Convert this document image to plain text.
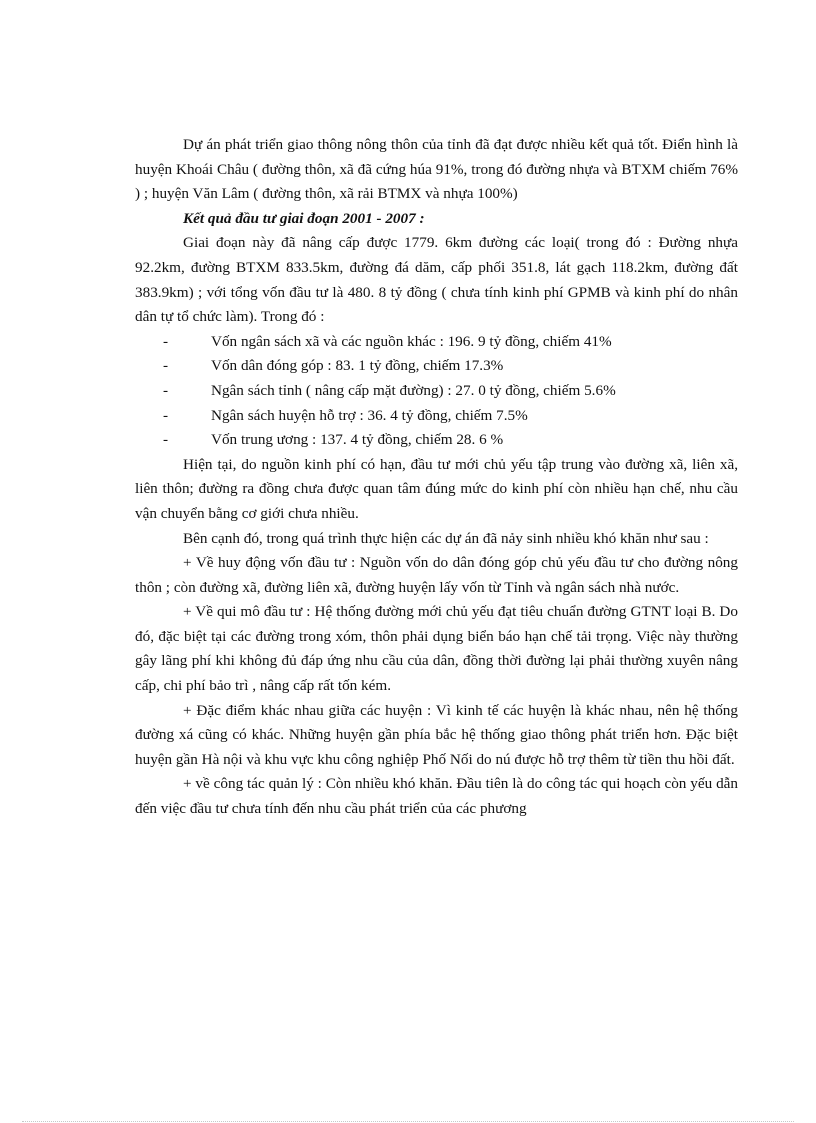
Dự án phát triển giao thông nông thôn của tỉnh đã đạt được nhiều kết quả tốt. Điển hình là huyện Khoái Châu ( đường thôn, xã đã cứng húa 91%, trong đó đường nhựa và BTXM chiếm 76% ) ; huyện Văn Lâm ( đường thôn, xã rải BTMX và nhựa 100%)

Kết quả đầu tư giai đoạn 2001 - 2007 :

Giai đoạn này đã nâng cấp được 1779. 6km đường các loại( trong đó : Đường nhựa 92.2km, đường BTXM 833.5km, đường đá dăm, cấp phối 351.8, lát gạch 118.2km, đường đất 383.9km) ; với tổng vốn đầu tư là 480. 8 tỷ đồng ( chưa tính kinh phí GPMB và kinh phí do nhân dân tự tổ chức làm). Trong đó :

-	Vốn ngân sách xã và các nguồn khác : 196. 9 tỷ đồng, chiếm 41%
-	Vốn dân đóng góp : 83. 1 tỷ đồng, chiếm 17.3%
-	Ngân sách tỉnh ( nâng cấp mặt đường) : 27. 0 tỷ đồng, chiếm 5.6%
-	Ngân sách huyện hỗ trợ : 36. 4 tỷ đồng, chiếm 7.5%
-	Vốn trung ương : 137. 4 tỷ đồng, chiếm 28. 6 %

Hiện tại, do nguồn kinh phí có hạn, đầu tư mới chủ yếu tập trung vào đường xã, liên xã, liên thôn; đường ra đồng chưa được quan tâm đúng mức do kinh phí còn nhiều hạn chế, nhu cầu vận chuyển bằng cơ giới chưa nhiều.

Bên cạnh đó, trong quá trình thực hiện các dự án đã nảy sinh nhiều khó khăn như sau :

+ Về huy động vốn đầu tư : Nguồn vốn do dân đóng góp chủ yếu đầu tư cho đường nông thôn ; còn đường xã, đường liên xã, đường huyện lấy vốn từ Tỉnh và ngân sách nhà nước.

+ Về qui mô đầu tư : Hệ thống đường mới chủ yếu đạt tiêu chuẩn đường GTNT loại B. Do đó, đặc biệt tại các đường trong xóm, thôn phải dụng biển báo hạn chế tải trọng. Việc này thường gây lãng phí khi không đủ đáp ứng nhu cầu của dân, đồng thời đường lại phải thường xuyên nâng cấp, chi phí bảo trì , nâng cấp rất tốn kém.

+ Đặc điểm khác nhau giữa các huyện : Vì kinh tế các huyện là khác nhau, nên hệ thống đường xá cũng có khác. Những huyện gần phía bắc hệ thống giao thông phát triển hơn. Đặc biệt huyện gần Hà nội và khu vực khu công nghiệp Phố Nối do nú được hỗ trợ thêm từ tiền thu hồi đất.

+ về công tác quản lý : Còn nhiều khó khăn. Đầu tiên là do công tác qui hoạch còn yếu dẫn đến việc đầu tư chưa tính đến nhu cầu phát triển của các phương
